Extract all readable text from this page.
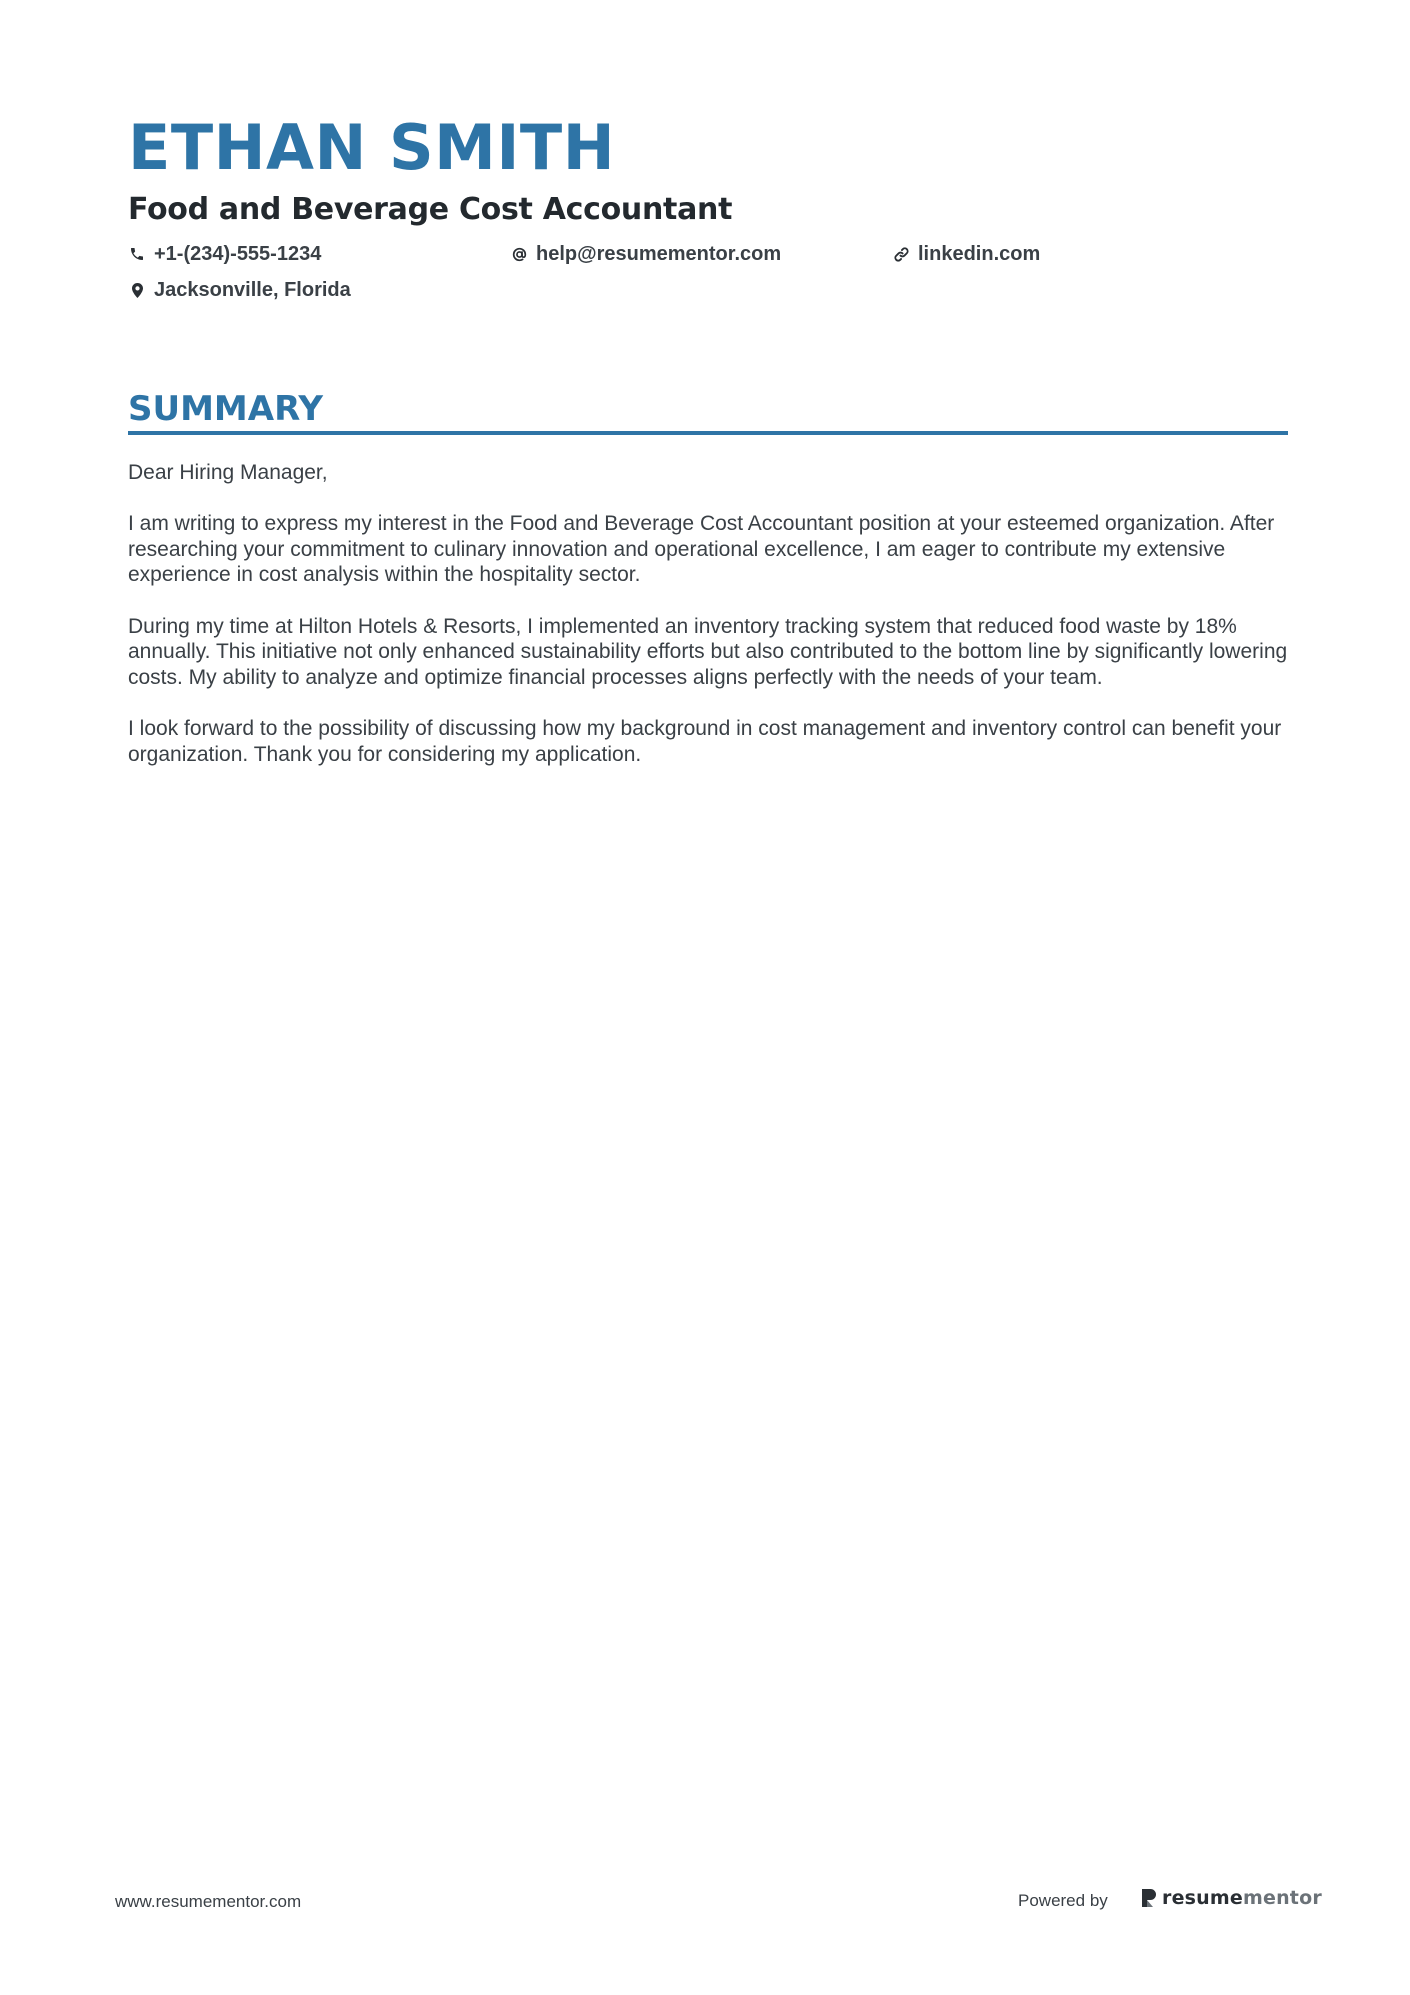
ETHAN SMITH
Food and Beverage Cost Accountant
+1-(234)-555-1234	help@resumementor.com	linkedin.com
Jacksonville, Florida
SUMMARY

Dear Hiring Manager,

I am writing to express my interest in the Food and Beverage Cost Accountant position at your esteemed organization. After researching your commitment to culinary innovation and operational excellence, I am eager to contribute my extensive experience in cost analysis within the hospitality sector.

During my time at Hilton Hotels & Resorts, I implemented an inventory tracking system that reduced food waste by 18% annually. This initiative not only enhanced sustainability efforts but also contributed to the bottom line by significantly lowering costs. My ability to analyze and optimize financial processes aligns perfectly with the needs of your team.

I look forward to the possibility of discussing how my background in cost management and inventory control can benefit your organization. Thank you for considering my application.

www.resumementor.com	Powered by	resumementor
